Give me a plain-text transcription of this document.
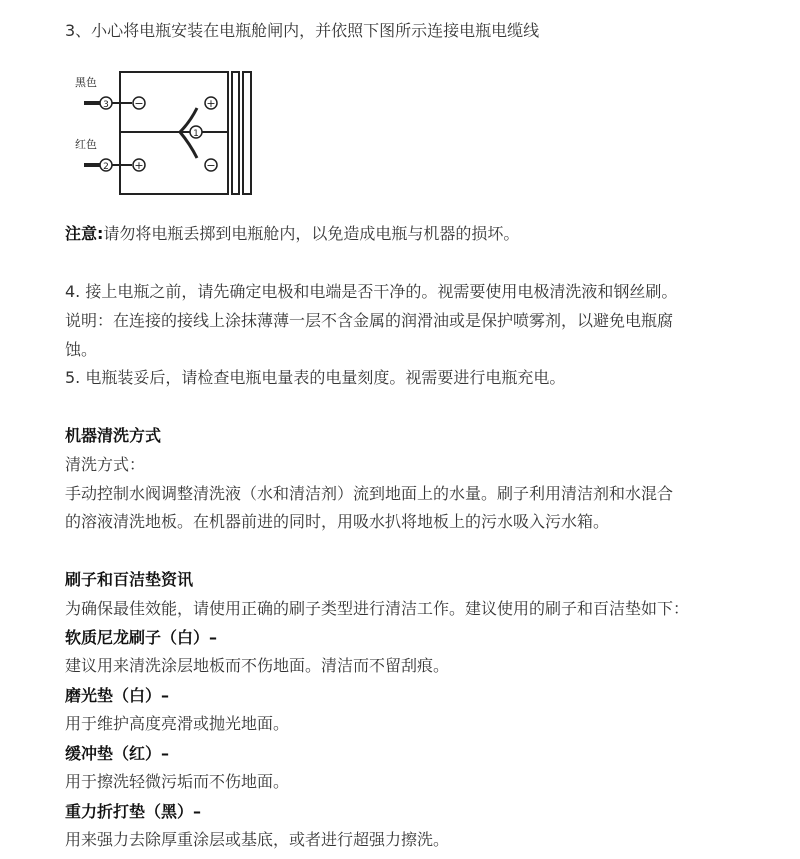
3、小心将电瓶安装在电瓶舱闸内，并依照下图所示连接电瓶电缆线
黑色
红色
3 −
2 +
+
−
1
注意:请勿将电瓶丢掷到电瓶舱内，以免造成电瓶与机器的损坏。
4. 接上电瓶之前，请先确定电极和电端是否干净的。视需要使用电极清洗液和钢丝刷。
说明：在连接的接线上涂抹薄薄一层不含金属的润滑油或是保护喷雾剂，以避免电瓶腐
蚀。
5. 电瓶装妥后，请检查电瓶电量表的电量刻度。视需要进行电瓶充电。
机器清洗方式
清洗方式：
手动控制水阀调整清洗液（水和清洁剂）流到地面上的水量。刷子利用清洁剂和水混合
的溶液清洗地板。在机器前进的同时，用吸水扒将地板上的污水吸入污水箱。
刷子和百洁垫资讯
为确保最佳效能，请使用正确的刷子类型进行清洁工作。建议使用的刷子和百洁垫如下：
软质尼龙刷子（白）–
建议用来清洗涂层地板而不伤地面。清洁而不留刮痕。
磨光垫（白）–
用于维护高度亮滑或抛光地面。
缓冲垫（红）–
用于擦洗轻微污垢而不伤地面。
重力折打垫（黑）–
用来强力去除厚重涂层或基底，或者进行超强力擦洗。
